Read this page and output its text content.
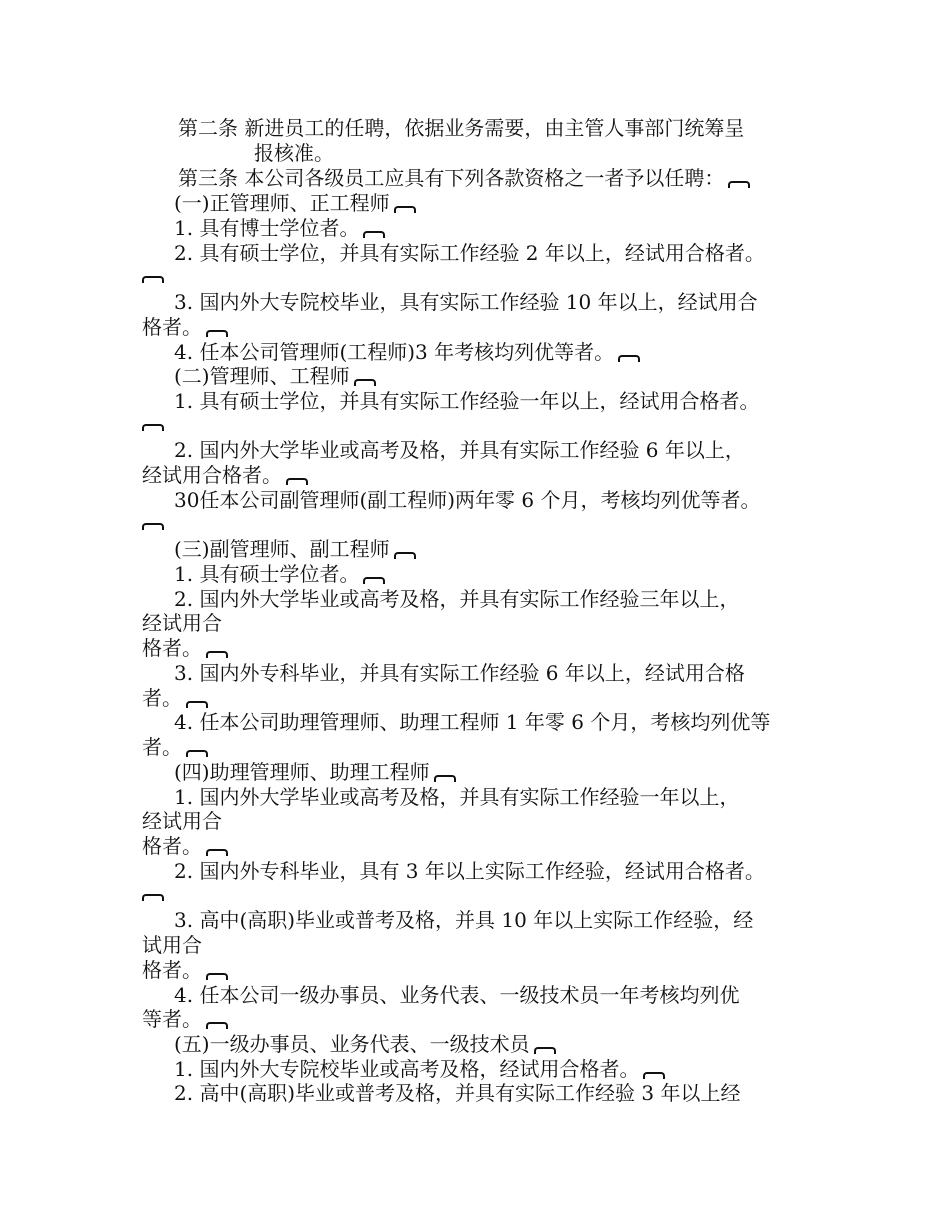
第二条 新进员工的任聘，依据业务需要，由主管人事部门统筹呈
报核准。
第三条 本公司各级员工应具有下列各款资格之一者予以任聘：
(一)正管理师、正工程师
1. 具有博士学位者。
2. 具有硕士学位，并具有实际工作经验 2 年以上，经试用合格者。
3. 国内外大专院校毕业，具有实际工作经验 10 年以上，经试用合
格者。
4. 任本公司管理师(工程师)3 年考核均列优等者。
(二)管理师、工程师
1. 具有硕士学位，并具有实际工作经验一年以上，经试用合格者。
2. 国内外大学毕业或高考及格，并具有实际工作经验 6 年以上，
经试用合格者。
30任本公司副管理师(副工程师)两年零 6 个月，考核均列优等者。
(三)副管理师、副工程师
1. 具有硕士学位者。
2. 国内外大学毕业或高考及格，并具有实际工作经验三年以上，
经试用合
格者。
3. 国内外专科毕业，并具有实际工作经验 6 年以上，经试用合格
者。
4. 任本公司助理管理师、助理工程师 1 年零 6 个月，考核均列优等
者。
(四)助理管理师、助理工程师
1. 国内外大学毕业或高考及格，并具有实际工作经验一年以上，
经试用合
格者。
2. 国内外专科毕业，具有 3 年以上实际工作经验，经试用合格者。
3. 高中(高职)毕业或普考及格，并具 10 年以上实际工作经验，经
试用合
格者。
4. 任本公司一级办事员、业务代表、一级技术员一年考核均列优
等者。
(五)一级办事员、业务代表、一级技术员
1. 国内外大专院校毕业或高考及格，经试用合格者。
2. 高中(高职)毕业或普考及格，并具有实际工作经验 3 年以上经
